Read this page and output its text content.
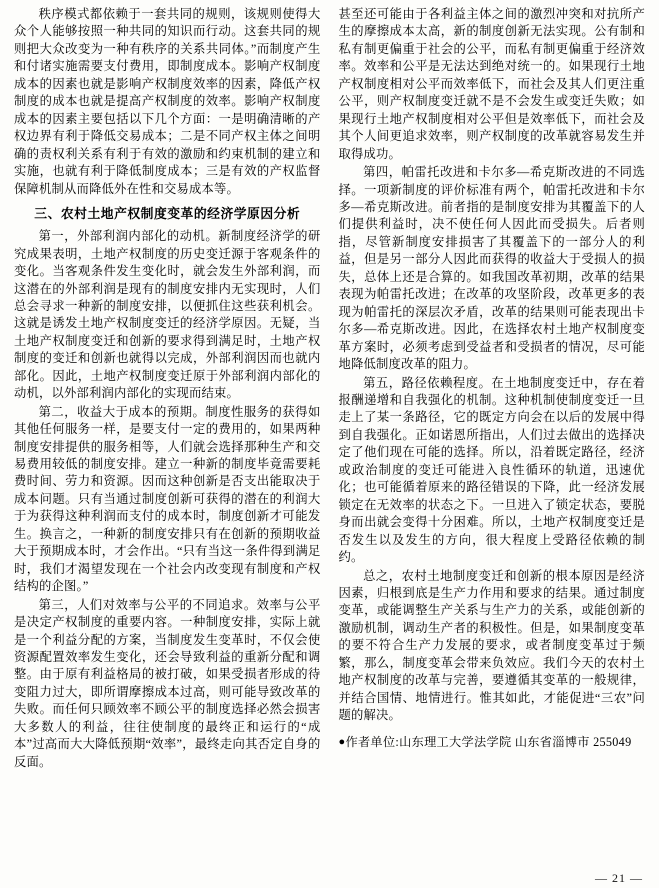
秩序模式都依赖于一套共同的规则，该规则使得大众个人能够按照一种共同的知识而行动。这套共同的规则把大众改变为一种有秩序的关系共同体。”而制度产生和付诸实施需要支付费用，即制度成本。影响产权制度成本的因素也就是影响产权制度效率的因素，降低产权制度的成本也就是提高产权制度的效率。影响产权制度成本的因素主要包括以下几个方面：一是明确清晰的产权边界有利于降低交易成本；二是不同产权主体之间明确的责权利关系有利于有效的激励和约束机制的建立和实施，也就有利于降低制度成本；三是有效的产权监督保障机制从而降低外在性和交易成本等。

三、农村土地产权制度变革的经济学原因分析

第一，外部利润内部化的动机。新制度经济学的研究成果表明，土地产权制度的历史变迁源于客观条件的变化。当客观条件发生变化时，就会发生外部利润，而这潜在的外部利润是现有的制度安排内无实现时，人们总会寻求一种新的制度安排，以便抓住这些获利机会。这就是诱发土地产权制度变迁的经济学原因。无疑，当土地产权制度变迁和创新的要求得到满足时，土地产权制度的变迁和创新也就得以完成，外部利润因而也就内部化。因此，土地产权制度变迁原于外部利润内部化的动机，以外部利润内部化的实现而结束。

第二，收益大于成本的预期。制度性服务的获得如其他任何服务一样，是要支付一定的费用的，如果两种制度安排提供的服务相等，人们就会选择那种生产和交易费用较低的制度安排。建立一种新的制度毕竟需要耗费时间、劳力和资源。因而这种创新是否支出能取决于成本问题。只有当通过制度创新可获得的潜在的利润大于为获得这种利润而支付的成本时，制度创新才可能发生。换言之，一种新的制度安排只有在创新的预期收益大于预期成本时，才会作出。“只有当这一条件得到满足时，我们才渴望发现在一个社会内改变现有制度和产权结构的企图。”

第三，人们对效率与公平的不同追求。效率与公平是决定产权制度的重要内容。一种制度安排，实际上就是一个利益分配的方案，当制度发生变革时，不仅会使资源配置效率发生变化，还会导致利益的重新分配和调整。由于原有利益格局的被打破，如果受损者形成的待变阻力过大，即所谓摩擦成本过高，则可能导致改革的失败。而任何只顾效率不顾公平的制度选择必然会损害大多数人的利益，往往使制度的最终正和运行的“成本”过高而大大降低预期“效率”，最终走向其否定自身的反面。

甚至还可能由于各利益主体之间的激烈冲突和对抗所产生的摩擦成本太高，新的制度创新无法实现。公有制和私有制更偏重于社会的公平，而私有制更偏重于经济效率。效率和公平是无法达到绝对统一的。如果现行土地产权制度相对公平而效率低下，而社会及其人们更注重公平，则产权制度变迁就不是不会发生或变迁失败；如果现行土地产权制度相对公平但是效率低下，而社会及其个人间更追求效率，则产权制度的改革就容易发生并取得成功。

第四，帕雷托改进和卡尔多—希克斯改进的不同选择。一项新制度的评价标准有两个，帕雷托改进和卡尔多—希克斯改进。前者指的是制度安排为其覆盖下的人们提供利益时，决不使任何人因此而受损失。后者则指，尽管新制度安排损害了其覆盖下的一部分人的利益，但是另一部分人因此而获得的收益大于受损人的损失，总体上还是合算的。如我国改革初期，改革的结果表现为帕雷托改进；在改革的攻坚阶段，改革更多的表现为帕雷托的深层次矛盾，改革的结果则可能表现出卡尔多—希克斯改进。因此，在选择农村土地产权制度变革方案时，必须考虑到受益者和受损者的情况，尽可能地降低制度改革的阻力。

第五，路径依赖程度。在土地制度变迁中，存在着报酬递增和自我强化的机制。这种机制使制度变迁一旦走上了某一条路径，它的既定方向会在以后的发展中得到自我强化。正如诺恩所指出，人们过去做出的选择决定了他们现在可能的选择。所以，沿着既定路径，经济或政治制度的变迁可能进入良性循环的轨道，迅速优化；也可能循着原来的路径错误的下降，此一经济发展锁定在无效率的状态之下。一旦进入了锁定状态，要脱身而出就会变得十分困难。所以，土地产权制度变迁是否发生以及发生的方向，很大程度上受路径依赖的制约。

总之，农村土地制度变迁和创新的根本原因是经济因素，归根到底是生产力作用和要求的结果。通过制度变革，或能调整生产关系与生产力的关系，或能创新的激励机制，调动生产者的积极性。但是，如果制度变革的要不符合生产力发展的要求，或者制度变革过于频繁，那么，制度变革会带来负效应。我们今天的农村土地产权制度的改革与完善，要遵循其变革的一般规律，并结合国情、地情进行。惟其如此，才能促进“三农”问题的解决。

●作者单位:山东理工大学法学院 山东省淄博市 255049

— 21 —
